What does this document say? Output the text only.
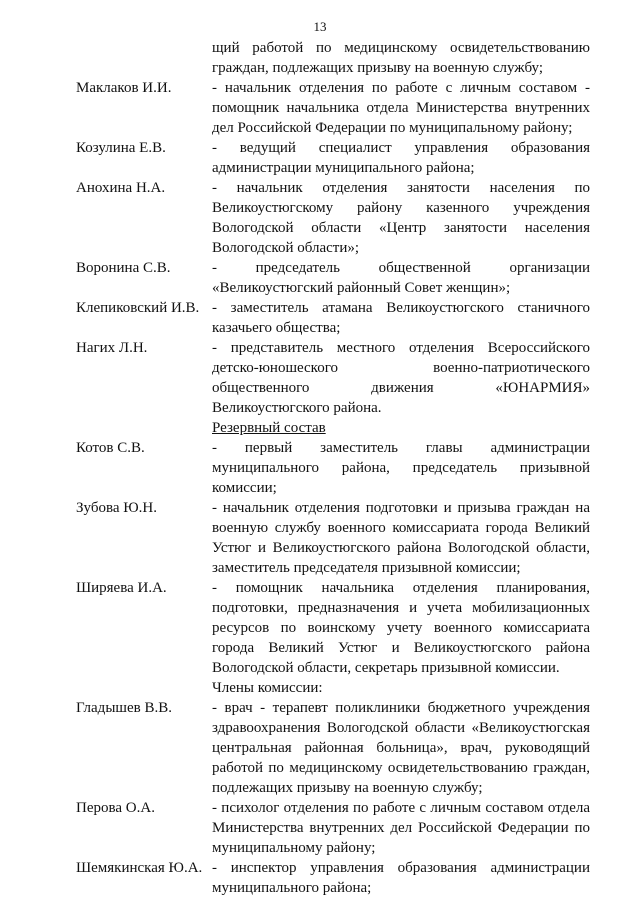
13
щий работой по медицинскому освидетельствованию граждан, подлежащих призыву на военную службу;
Маклаков И.И.	- начальник отделения по работе с личным составом - помощник начальника отдела Министерства внутренних дел Российской Федерации по муниципальному району;
Козулина Е.В.	- ведущий специалист управления образования администрации муниципального района;
Анохина Н.А.	- начальник отделения занятости населения по Великоустюгскому району казенного учреждения Вологодской области «Центр занятости населения Вологодской области»;
Воронина С.В.	- председатель общественной организации «Великоустюгский районный Совет женщин»;
Клепиковский И.В. - заместитель атамана Великоустюгского станичного казачьего общества;
Нагих Л.Н.	- представитель местного отделения Всероссийского детско-юношеского военно-патриотического общественного движения «ЮНАРМИЯ» Великоустюгского района.
Резервный состав
Котов С.В.	- первый заместитель главы администрации муниципального района, председатель призывной комиссии;
Зубова Ю.Н.	- начальник отделения подготовки и призыва граждан на военную службу военного комиссариата города Великий Устюг и Великоустюгского района Вологодской области, заместитель председателя призывной комиссии;
Ширяева И.А.	- помощник начальника отделения планирования, подготовки, предназначения и учета мобилизационных ресурсов по воинскому учету военного комиссариата города Великий Устюг и Великоустюгского района Вологодской области, секретарь призывной комиссии.
Члены комиссии:
Гладышев В.В.	- врач - терапевт поликлиники бюджетного учреждения здравоохранения Вологодской области «Великоустюгская центральная районная больница», врач, руководящий работой по медицинскому освидетельствованию граждан, подлежащих призыву на военную службу;
Перова О.А.	- психолог отделения по работе с личным составом отдела Министерства внутренних дел Российской Федерации по муниципальному району;
Шемякинская Ю.А. - инспектор управления образования администрации муниципального района;
